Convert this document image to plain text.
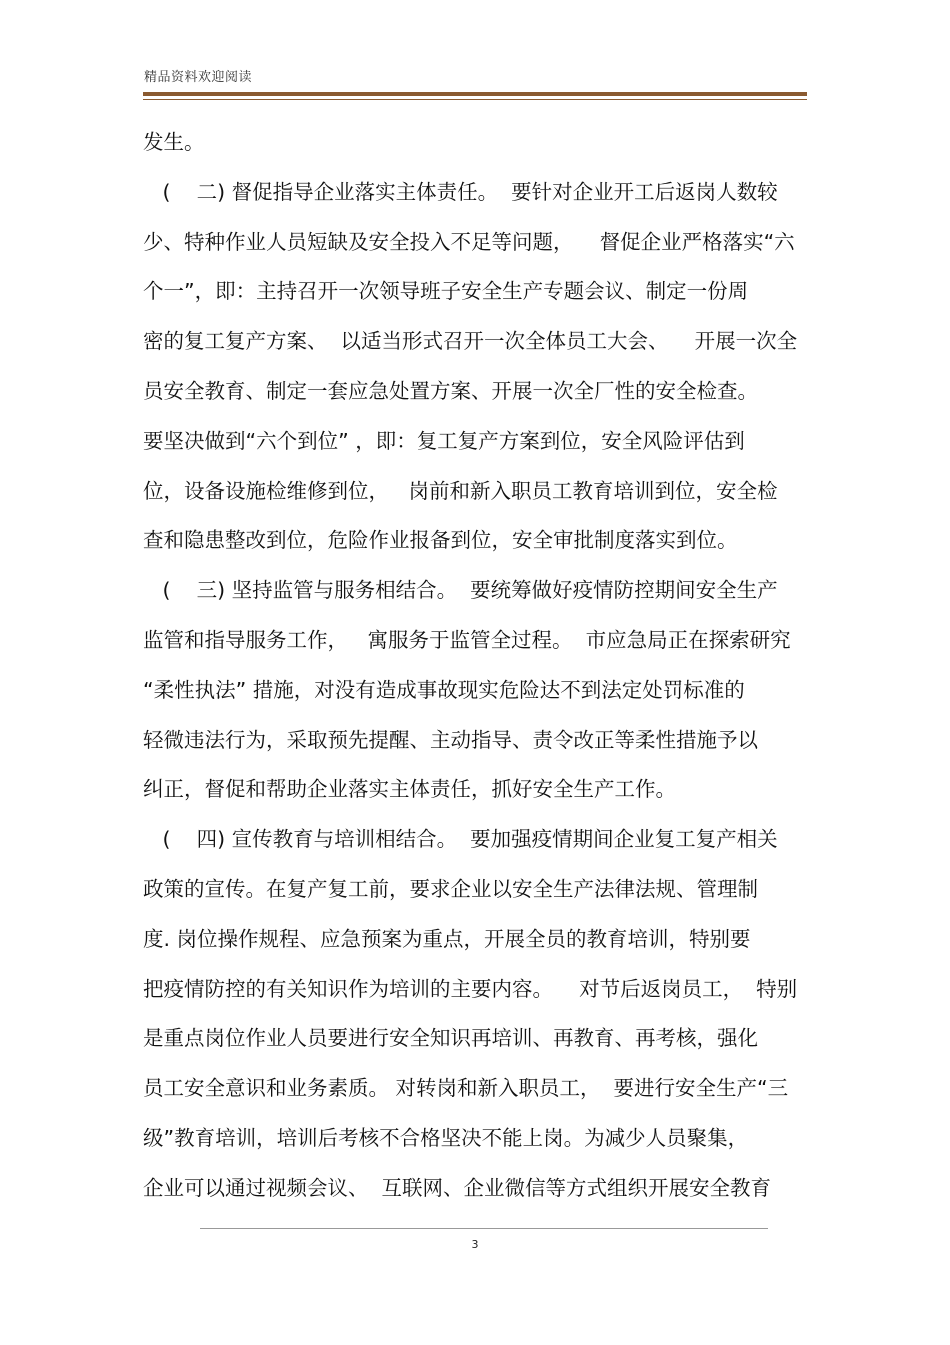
精品资料欢迎阅读
发生。
(    二) 督促指导企业落实主体责任。  要针对企业开工后返岗人数较
少、特种作业人员短缺及安全投入不足等问题，    督促企业严格落实“六
个一”，即：主持召开一次领导班子安全生产专题会议、制定一份周
密的复工复产方案、  以适当形式召开一次全体员工大会、    开展一次全
员安全教育、制定一套应急处置方案、开展一次全厂性的安全检查。
要坚决做到“六个到位” ，即：复工复产方案到位，安全风险评估到
位，设备设施检维修到位，   岗前和新入职员工教育培训到位，安全检
查和隐患整改到位，危险作业报备到位，安全审批制度落实到位。
(    三) 坚持监管与服务相结合。  要统筹做好疫情防控期间安全生产
监管和指导服务工作，   寓服务于监管全过程。  市应急局正在探索研究
“柔性执法” 措施，对没有造成事故现实危险达不到法定处罚标准的
轻微违法行为，采取预先提醒、主动指导、责令改正等柔性措施予以
纠正，督促和帮助企业落实主体责任，抓好安全生产工作。
(    四) 宣传教育与培训相结合。  要加强疫情期间企业复工复产相关
政策的宣传。在复产复工前，要求企业以安全生产法律法规、管理制
度. 岗位操作规程、应急预案为重点，开展全员的教育培训，特别要
把疫情防控的有关知识作为培训的主要内容。    对节后返岗员工，  特别
是重点岗位作业人员要进行安全知识再培训、再教育、再考核，强化
员工安全意识和业务素质。 对转岗和新入职员工，  要进行安全生产“三
级”教育培训，培训后考核不合格坚决不能上岗。为减少人员聚集，
企业可以通过视频会议、  互联网、企业微信等方式组织开展安全教育
3
